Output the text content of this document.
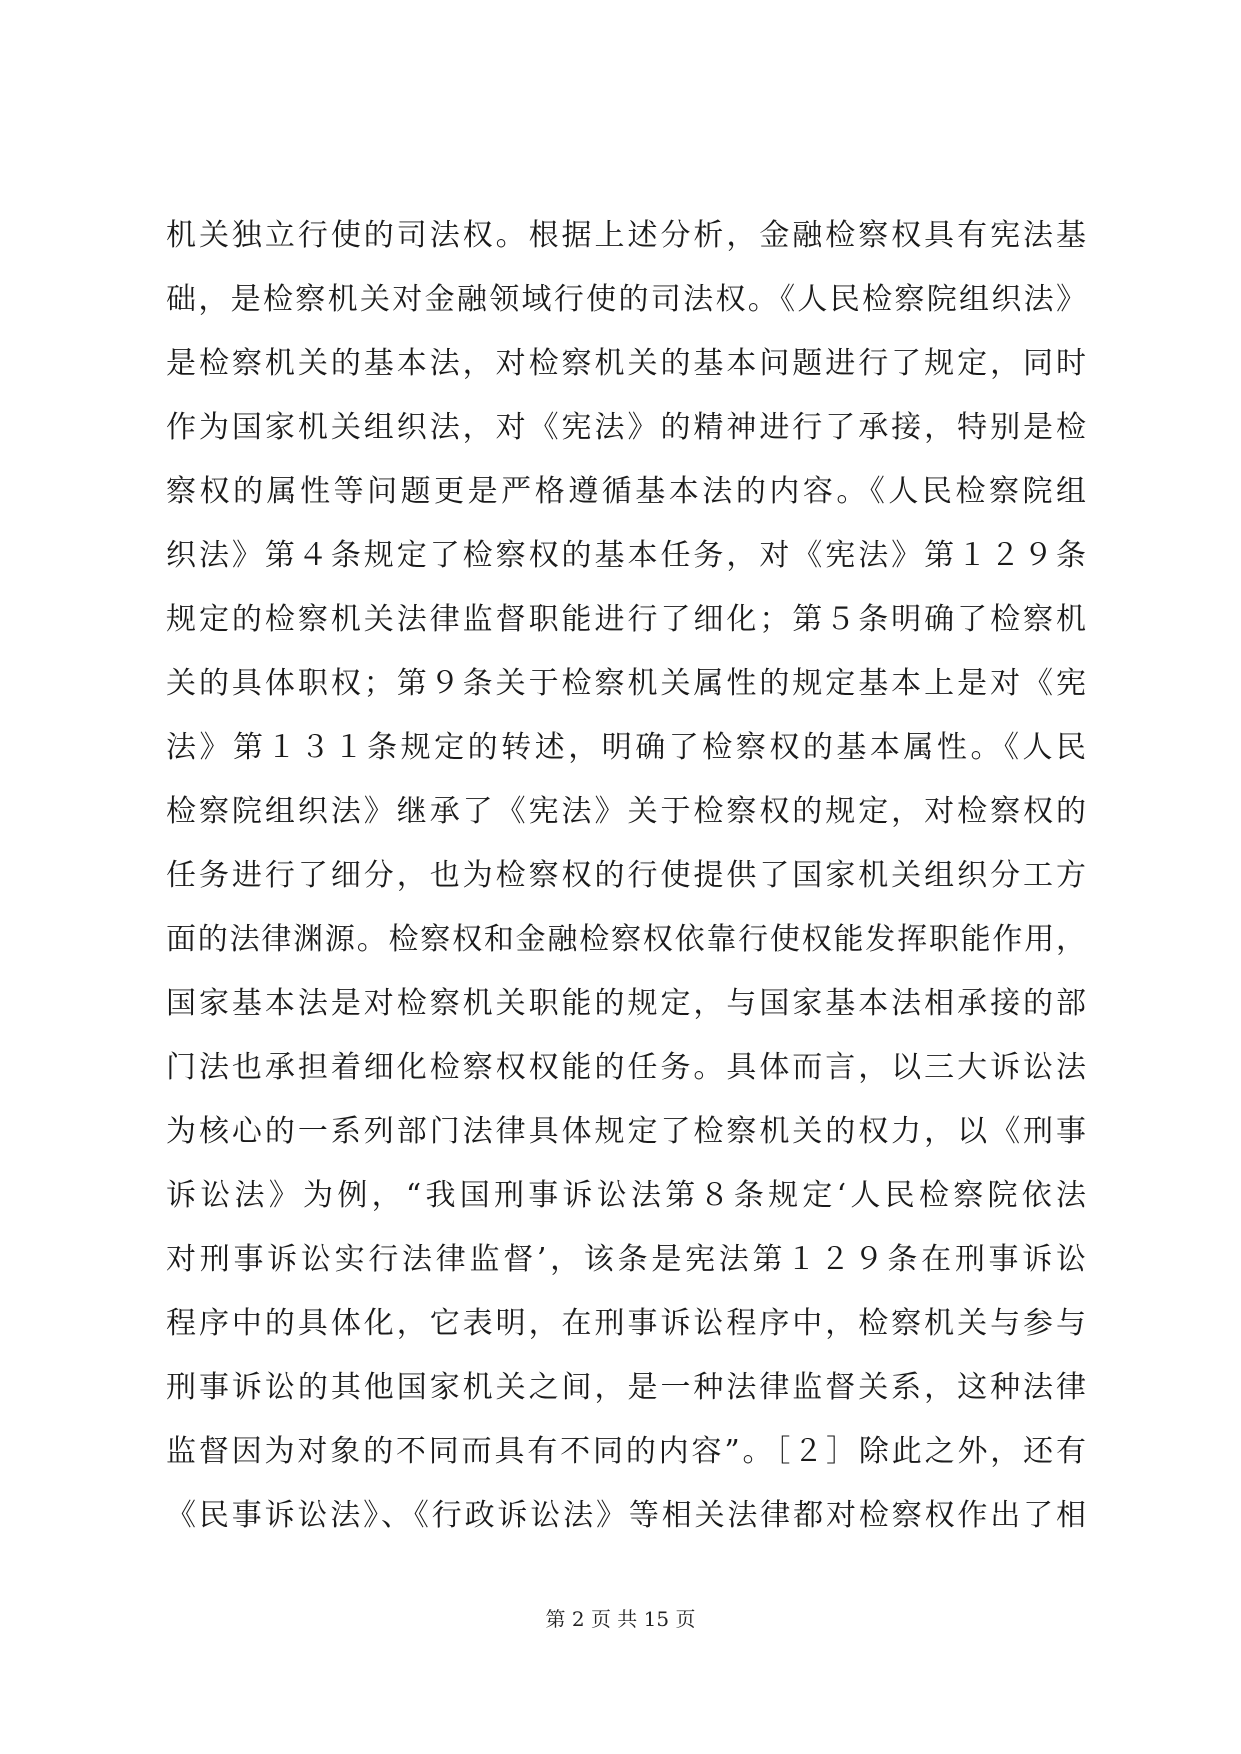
机关独立行使的司法权。根据上述分析，金融检察权具有宪法基
础，是检察机关对金融领域行使的司法权。《人民检察院组织法》
是检察机关的基本法，对检察机关的基本问题进行了规定，同时
作为国家机关组织法，对《宪法》的精神进行了承接，特别是检
察权的属性等问题更是严格遵循基本法的内容。《人民检察院组
织法》第４条规定了检察权的基本任务，对《宪法》第１２９条
规定的检察机关法律监督职能进行了细化；第５条明确了检察机
关的具体职权；第９条关于检察机关属性的规定基本上是对《宪
法》第１３１条规定的转述，明确了检察权的基本属性。《人民
检察院组织法》继承了《宪法》关于检察权的规定，对检察权的
任务进行了细分，也为检察权的行使提供了国家机关组织分工方
面的法律渊源。检察权和金融检察权依靠行使权能发挥职能作用，
国家基本法是对检察机关职能的规定，与国家基本法相承接的部
门法也承担着细化检察权权能的任务。具体而言，以三大诉讼法
为核心的一系列部门法律具体规定了检察机关的权力，以《刑事
诉讼法》为例，“我国刑事诉讼法第８条规定‘人民检察院依法
对刑事诉讼实行法律监督’，该条是宪法第１２９条在刑事诉讼
程序中的具体化，它表明，在刑事诉讼程序中，检察机关与参与
刑事诉讼的其他国家机关之间，是一种法律监督关系，这种法律
监督因为对象的不同而具有不同的内容”。［２］除此之外，还有
《民事诉讼法》、《行政诉讼法》等相关法律都对检察权作出了相
第 2 页 共 15 页
